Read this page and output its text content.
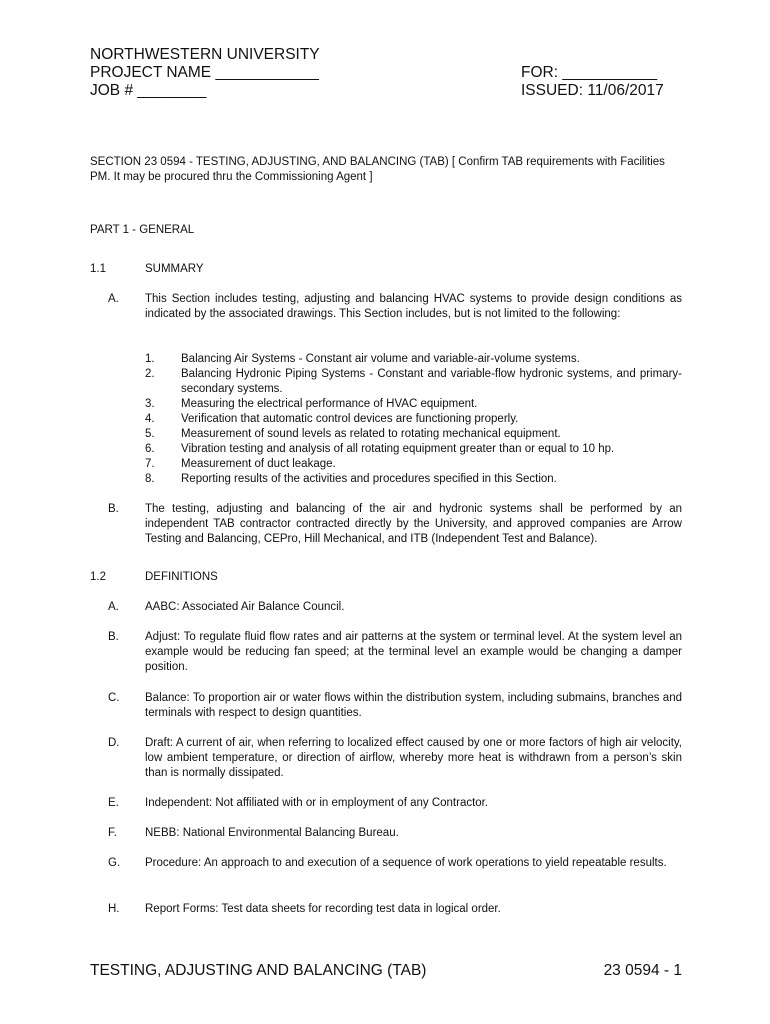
NORTHWESTERN UNIVERSITY
PROJECT NAME ____________
JOB # ________
FOR: ___________
ISSUED: 11/06/2017
SECTION 23 0594 - TESTING, ADJUSTING, AND BALANCING (TAB) [ Confirm TAB requirements with Facilities PM. It may be procured thru the Commissioning Agent ]
PART 1 - GENERAL
1.1	SUMMARY
A. This Section includes testing, adjusting and balancing HVAC systems to provide design conditions as indicated by the associated drawings. This Section includes, but is not limited to the following:
1. Balancing Air Systems - Constant air volume and variable-air-volume systems.
2. Balancing Hydronic Piping Systems - Constant and variable-flow hydronic systems, and primary-secondary systems.
3. Measuring the electrical performance of HVAC equipment.
4. Verification that automatic control devices are functioning properly.
5. Measurement of sound levels as related to rotating mechanical equipment.
6. Vibration testing and analysis of all rotating equipment greater than or equal to 10 hp.
7. Measurement of duct leakage.
8. Reporting results of the activities and procedures specified in this Section.
B. The testing, adjusting and balancing of the air and hydronic systems shall be performed by an independent TAB contractor contracted directly by the University, and approved companies are Arrow Testing and Balancing, CEPro, Hill Mechanical, and ITB (Independent Test and Balance).
1.2	DEFINITIONS
A. AABC: Associated Air Balance Council.
B. Adjust: To regulate fluid flow rates and air patterns at the system or terminal level. At the system level an example would be reducing fan speed; at the terminal level an example would be changing a damper position.
C. Balance: To proportion air or water flows within the distribution system, including submains, branches and terminals with respect to design quantities.
D. Draft: A current of air, when referring to localized effect caused by one or more factors of high air velocity, low ambient temperature, or direction of airflow, whereby more heat is withdrawn from a person’s skin than is normally dissipated.
E. Independent: Not affiliated with or in employment of any Contractor.
F. NEBB: National Environmental Balancing Bureau.
G. Procedure: An approach to and execution of a sequence of work operations to yield repeatable results.
H. Report Forms: Test data sheets for recording test data in logical order.
TESTING, ADJUSTING AND BALANCING (TAB)	23 0594 - 1
